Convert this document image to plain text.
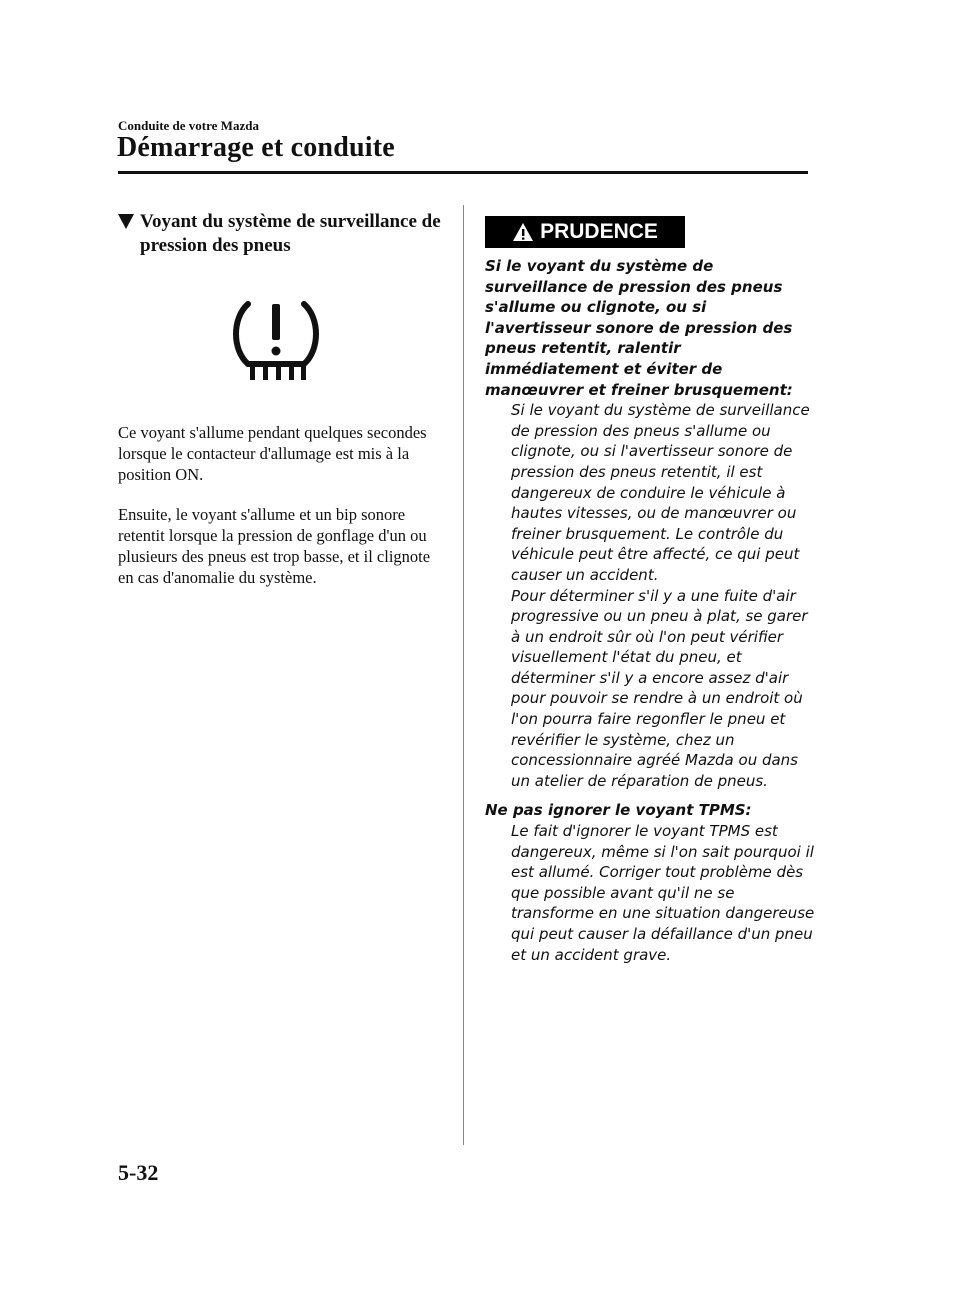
Conduite de votre Mazda
Démarrage et conduite
Voyant du système de surveillance de pression des pneus

Ce voyant s'allume pendant quelques secondes lorsque le contacteur d'allumage est mis à la position ON.

Ensuite, le voyant s'allume et un bip sonore retentit lorsque la pression de gonflage d'un ou plusieurs des pneus est trop basse, et il clignote en cas d'anomalie du système.

PRUDENCE
Si le voyant du système de surveillance de pression des pneus s'allume ou clignote, ou si l'avertisseur sonore de pression des pneus retentit, ralentir immédiatement et éviter de manœuvrer et freiner brusquement:
Si le voyant du système de surveillance de pression des pneus s'allume ou clignote, ou si l'avertisseur sonore de pression des pneus retentit, il est dangereux de conduire le véhicule à hautes vitesses, ou de manœuvrer ou freiner brusquement. Le contrôle du véhicule peut être affecté, ce qui peut causer un accident.
Pour déterminer s'il y a une fuite d'air progressive ou un pneu à plat, se garer à un endroit sûr où l'on peut vérifier visuellement l'état du pneu, et déterminer s'il y a encore assez d'air pour pouvoir se rendre à un endroit où l'on pourra faire regonfler le pneu et revérifier le système, chez un concessionnaire agréé Mazda ou dans un atelier de réparation de pneus.
Ne pas ignorer le voyant TPMS:
Le fait d'ignorer le voyant TPMS est dangereux, même si l'on sait pourquoi il est allumé. Corriger tout problème dès que possible avant qu'il ne se transforme en une situation dangereuse qui peut causer la défaillance d'un pneu et un accident grave.
5-32
